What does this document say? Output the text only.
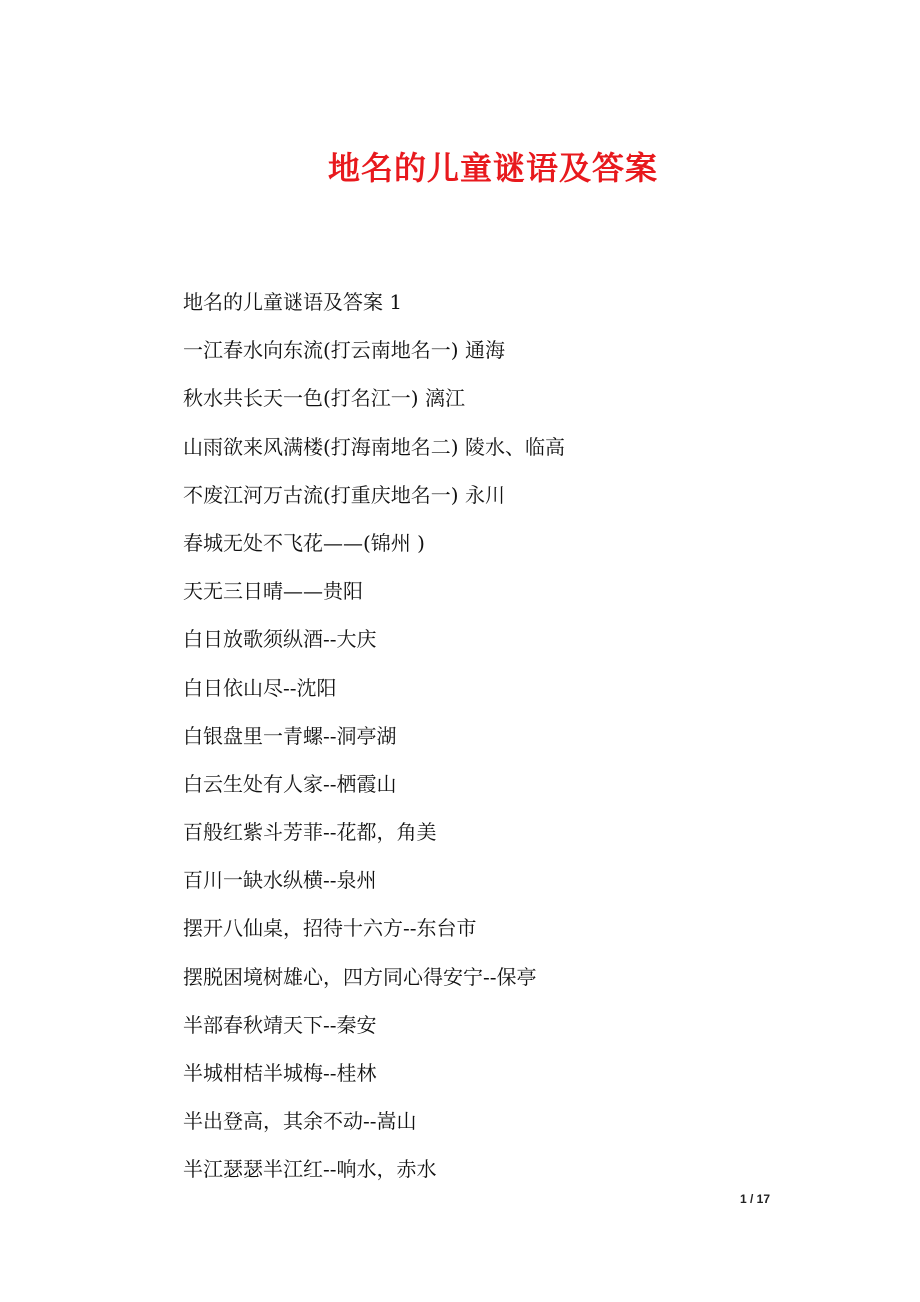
地名的儿童谜语及答案
地名的儿童谜语及答案 1
一江春水向东流(打云南地名一) 通海
秋水共长天一色(打名江一) 漓江
山雨欲来风满楼(打海南地名二) 陵水、临高
不废江河万古流(打重庆地名一) 永川
春城无处不飞花——(锦州 )
天无三日晴——贵阳
白日放歌须纵酒--大庆
白日依山尽--沈阳
白银盘里一青螺--洞亭湖
白云生处有人家--栖霞山
百般红紫斗芳菲--花都，角美
百川一缺水纵横--泉州
摆开八仙桌，招待十六方--东台市
摆脱困境树雄心，四方同心得安宁--保亭
半部春秋靖天下--秦安
半城柑桔半城梅--桂林
半出登高，其余不动--嵩山
半江瑟瑟半江红--响水，赤水
1 / 17
